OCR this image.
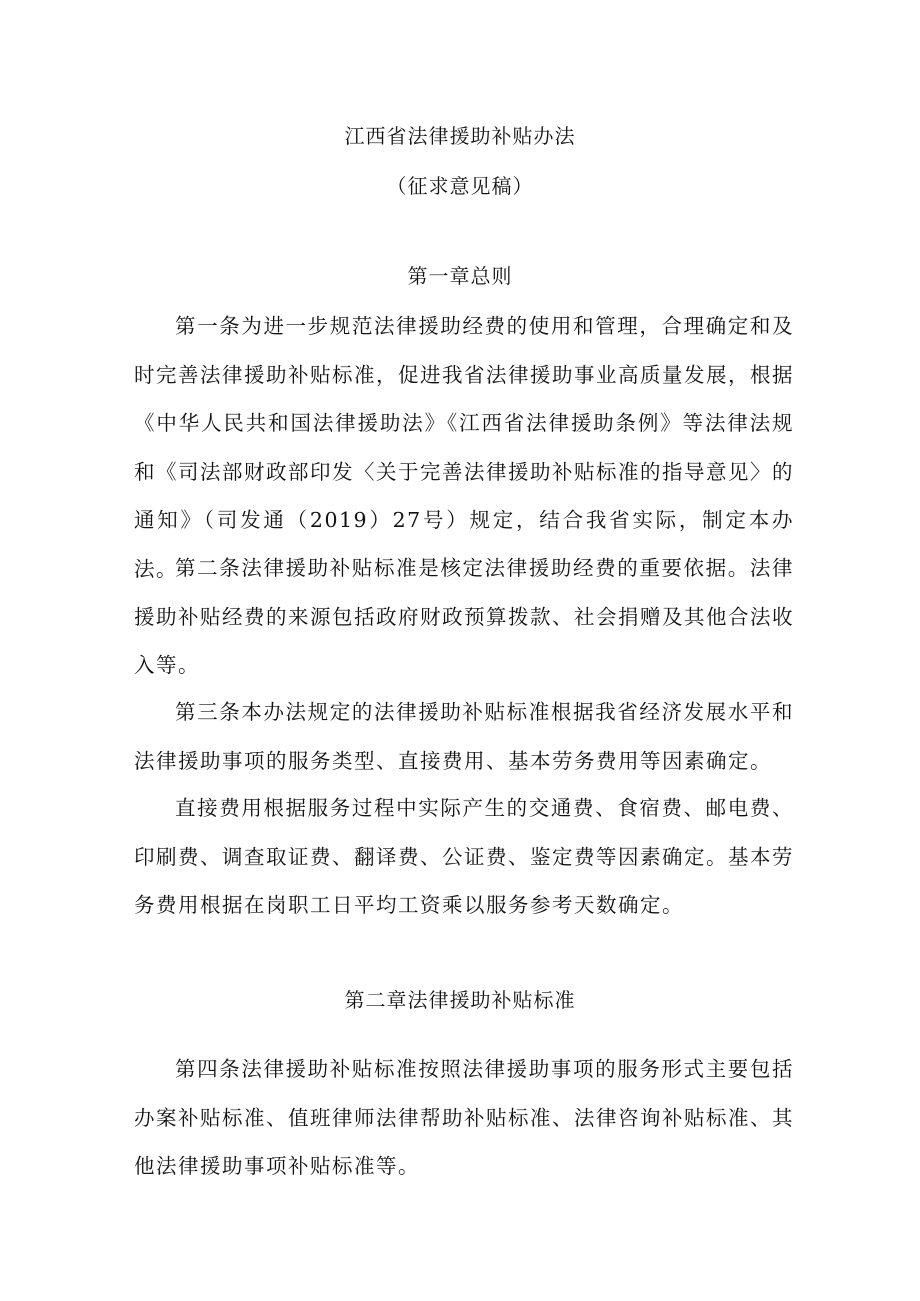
江西省法律援助补贴办法
（征求意见稿）
第一章总则

第一条为进一步规范法律援助经费的使用和管理，合理确定和及时完善法律援助补贴标准，促进我省法律援助事业高质量发展，根据《中华人民共和国法律援助法》《江西省法律援助条例》等法律法规和《司法部财政部印发〈关于完善法律援助补贴标准的指导意见〉的通知》（司发通（2019）27号）规定，结合我省实际，制定本办法。

第二条法律援助补贴标准是核定法律援助经费的重要依据。法律援助补贴经费的来源包括政府财政预算拨款、社会捐赠及其他合法收入等。

第三条本办法规定的法律援助补贴标准根据我省经济发展水平和法律援助事项的服务类型、直接费用、基本劳务费用等因素确定。

直接费用根据服务过程中实际产生的交通费、食宿费、邮电费、印刷费、调查取证费、翻译费、公证费、鉴定费等因素确定。基本劳务费用根据在岗职工日平均工资乘以服务参考天数确定。

第二章法律援助补贴标准

第四条法律援助补贴标准按照法律援助事项的服务形式主要包括办案补贴标准、值班律师法律帮助补贴标准、法律咨询补贴标准、其他法律援助事项补贴标准等。
